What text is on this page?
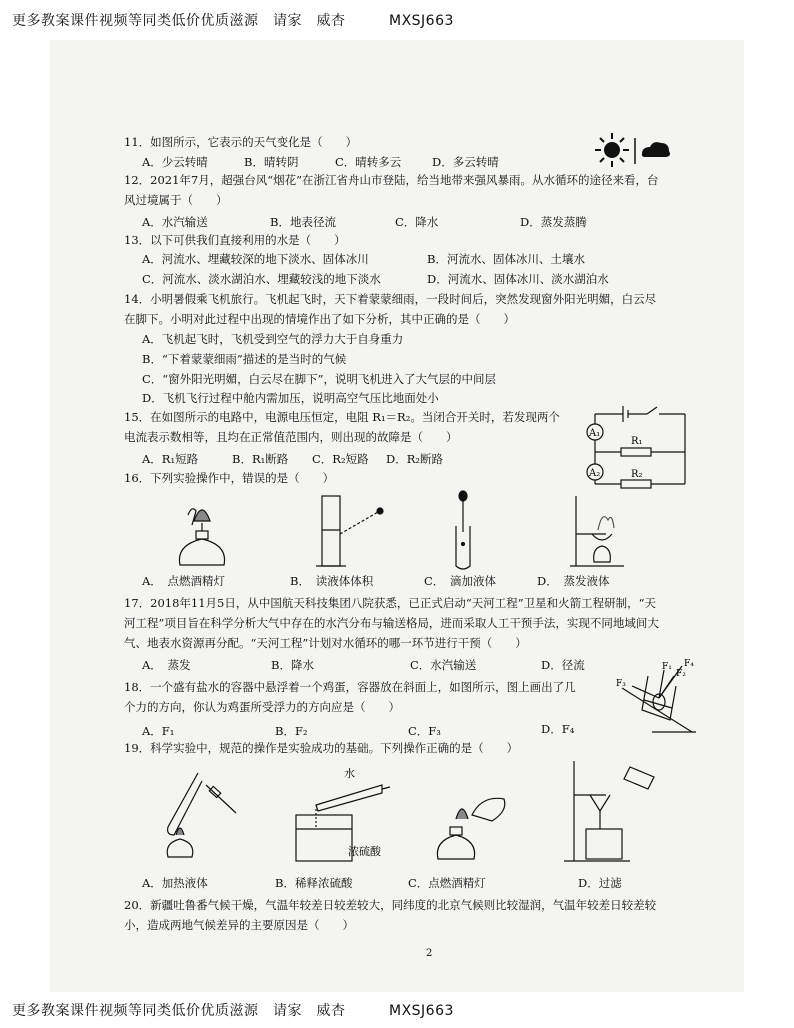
更多教案课件视频等同类低价优质滋源　请家　威杏　　　MXSJ663
11．如图所示，它表示的天气变化是（　　）
A．少云转晴	B．晴转阴	C．晴转多云	D．多云转晴
12．2021年7月，超强台风“烟花”在浙江省舟山市登陆，给当地带来强风暴雨。从水循环的途径来看，台
风过境属于（　　）
A．水汽输送	B．地表径流	C．降水	D．蒸发蒸腾
13．以下可供我们直接利用的水是（　　）
A．河流水、埋藏较深的地下淡水、固体冰川	B．河流水、固体冰川、土壤水
C．河流水、淡水湖泊水、埋藏较浅的地下淡水	D．河流水、固体冰川、淡水湖泊水
14．小明暑假乘飞机旅行。飞机起飞时，天下着蒙蒙细雨，一段时间后，突然发现窗外阳光明媚，白云尽
在脚下。小明对此过程中出现的情境作出了如下分析，其中正确的是（　　）
A．飞机起飞时，飞机受到空气的浮力大于自身重力
B．“下着蒙蒙细雨”描述的是当时的气候
C．“窗外阳光明媚，白云尽在脚下”，说明飞机进入了大气层的中间层
D．飞机飞行过程中舱内需加压，说明高空气压比地面处小
15．在如图所示的电路中，电源电压恒定，电阻 R₁＝R₂。当闭合开关时，若发现两个
电流表示数相等，且均在正常值范围内，则出现的故障是（　　）
A．R₁短路	B．R₁断路 C．R₂短路 D．R₂断路
A₁
A₂
R₁
R₂
16．下列实验操作中，错误的是（　　）
A．　点燃酒精灯	B．　读液体体积	C．　滴加液体	D．　蒸发液体
17．2018年11月5日，从中国航天科技集团八院获悉，已正式启动“天河工程”卫星和火箭工程研制，“天
河工程”项目旨在科学分析大气中存在的水汽分布与输送格局，进而采取人工干预手法，实现不同地域间大
气、地表水资源再分配。“天河工程”计划对水循环的哪一环节进行干预（　　）
A．　蒸发	B．降水	C．水汽输送	D．径流
18．一个盛有盐水的容器中悬浮着一个鸡蛋，容器放在斜面上，如图所示，图上画出了几
个力的方向，你认为鸡蛋所受浮力的方向应是（　　）
A．F₁	B．F₂	C．F₃	D．F₄
F₁
F₂
F₃
F₄
19．科学实验中，规范的操作是实验成功的基础。下列操作正确的是（　　）
水
浓硫酸
A．加热液体	B．稀释浓硫酸	C．点燃酒精灯	D．过滤
20．新疆吐鲁番气候干燥，气温年较差日较差较大，同纬度的北京气候则比较湿润，气温年较差日较差较
小，造成两地气候差异的主要原因是（　　）
2
更多教案课件视频等同类低价优质滋源　请家　威杏　　　MXSJ663
